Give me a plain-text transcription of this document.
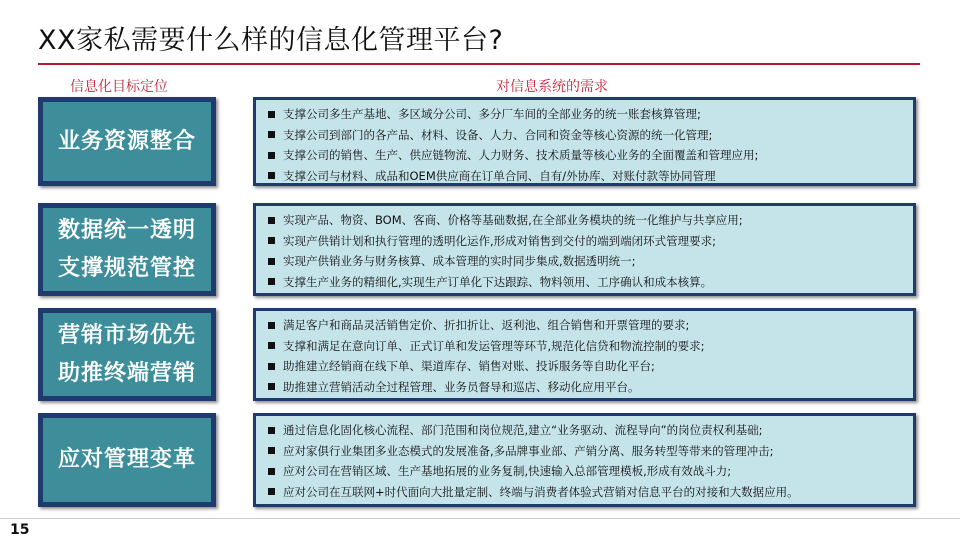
XX家私需要什么样的信息化管理平台?
信息化目标定位	对信息系统的需求
业务资源整合
支撑公司多生产基地、多区域分公司、多分厂车间的全部业务的统一账套核算管理;
支撑公司到部门的各产品、材料、设备、人力、合同和资金等核心资源的统一化管理;
支撑公司的销售、生产、供应链物流、人力财务、技术质量等核心业务的全面覆盖和管理应用;
支撑公司与材料、成品和OEM供应商在订单合同、自有/外协库、对账付款等协同管理
数据统一透明
支撑规范管控
实现产品、物资、BOM、客商、价格等基础数据,在全部业务模块的统一化维护与共享应用;
实现产供销计划和执行管理的透明化运作,形成对销售到交付的端到端闭环式管理要求;
实现产供销业务与财务核算、成本管理的实时同步集成,数据透明统一;
支撑生产业务的精细化,实现生产订单化下达跟踪、物料领用、工序确认和成本核算。
营销市场优先
助推终端营销
满足客户和商品灵活销售定价、折扣折让、返利池、组合销售和开票管理的要求;
支撑和满足在意向订单、正式订单和发运管理等环节,规范化信贷和物流控制的要求;
助推建立经销商在线下单、渠道库存、销售对账、投诉服务等自助化平台;
助推建立营销活动全过程管理、业务员督导和巡店、移动化应用平台。
应对管理变革
通过信息化固化核心流程、部门范围和岗位规范,建立“业务驱动、流程导向”的岗位责权利基础;
应对家俱行业集团多业态模式的发展准备,多品牌事业部、产销分离、服务转型等带来的管理冲击;
应对公司在营销区域、生产基地拓展的业务复制,快速输入总部管理模板,形成有效战斗力;
应对公司在互联网+时代面向大批量定制、终端与消费者体验式营销对信息平台的对接和大数据应用。
15
